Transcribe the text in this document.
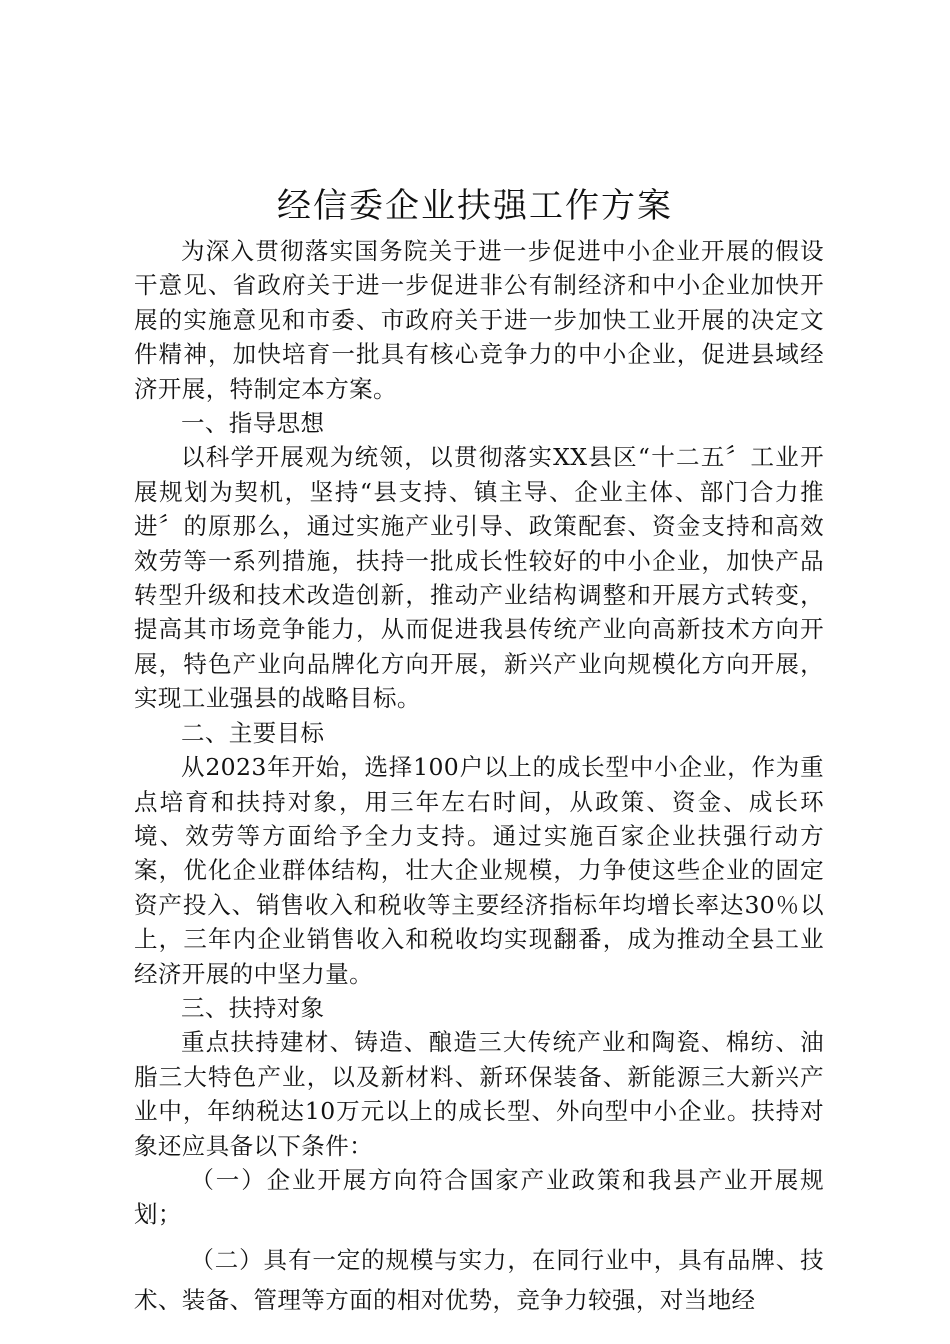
经信委企业扶强工作方案

为深入贯彻落实国务院关于进一步促进中小企业开展的假设干意见、省政府关于进一步促进非公有制经济和中小企业加快开展的实施意见和市委、市政府关于进一步加快工业开展的决定文件精神，加快培育一批具有核心竞争力的中小企业，促进县域经济开展，特制定本方案。

一、指导思想

以科学开展观为统领，以贯彻落实XX县区“十二五〞工业开展规划为契机，坚持“县支持、镇主导、企业主体、部门合力推进〞的原那么，通过实施产业引导、政策配套、资金支持和高效效劳等一系列措施，扶持一批成长性较好的中小企业，加快产品转型升级和技术改造创新，推动产业结构调整和开展方式转变，提高其市场竞争能力，从而促进我县传统产业向高新技术方向开展，特色产业向品牌化方向开展，新兴产业向规模化方向开展，实现工业强县的战略目标。

二、主要目标

从2023年开始，选择100户以上的成长型中小企业，作为重点培育和扶持对象，用三年左右时间，从政策、资金、成长环境、效劳等方面给予全力支持。通过实施百家企业扶强行动方案，优化企业群体结构，壮大企业规模，力争使这些企业的固定资产投入、销售收入和税收等主要经济指标年均增长率达30％以上，三年内企业销售收入和税收均实现翻番，成为推动全县工业经济开展的中坚力量。

三、扶持对象

重点扶持建材、铸造、酿造三大传统产业和陶瓷、棉纺、油脂三大特色产业，以及新材料、新环保装备、新能源三大新兴产业中，年纳税达10万元以上的成长型、外向型中小企业。扶持对象还应具备以下条件：

（一）企业开展方向符合国家产业政策和我县产业开展规划；

（二）具有一定的规模与实力，在同行业中，具有品牌、技术、装备、管理等方面的相对优势，竞争力较强，对当地经
